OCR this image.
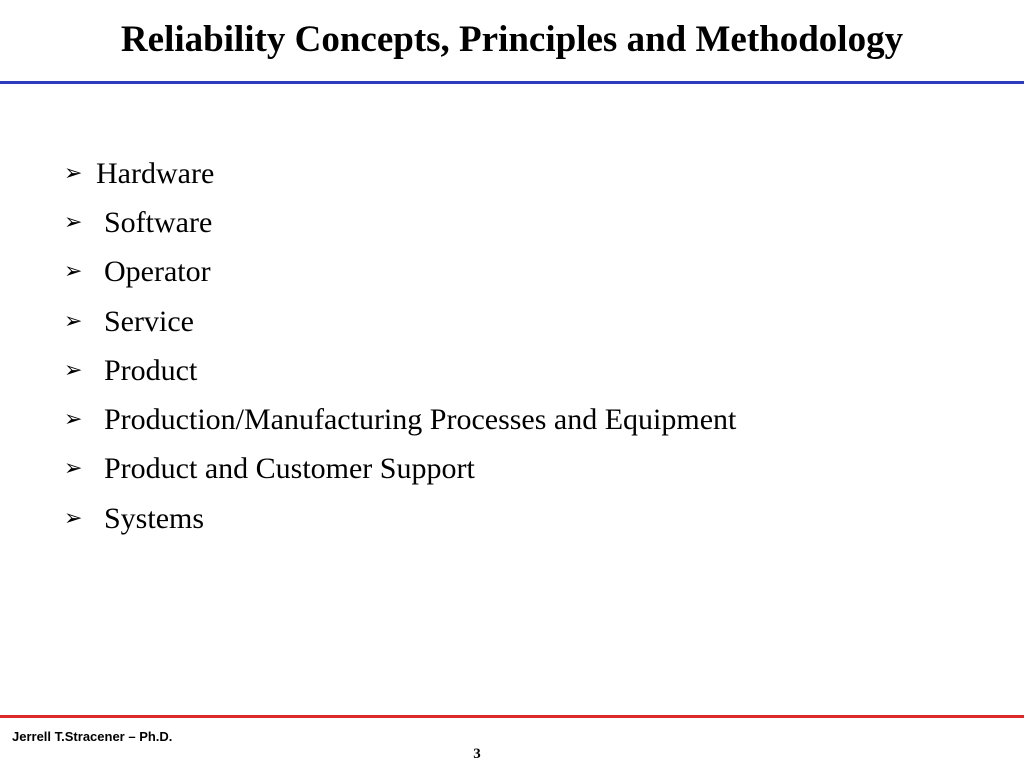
Reliability Concepts, Principles and Methodology
➢ Hardware
➢ Software
➢ Operator
➢ Service
➢ Product
➢ Production/Manufacturing Processes and Equipment
➢ Product and Customer Support
➢ Systems
Jerrell T.Stracener – Ph.D.
3
